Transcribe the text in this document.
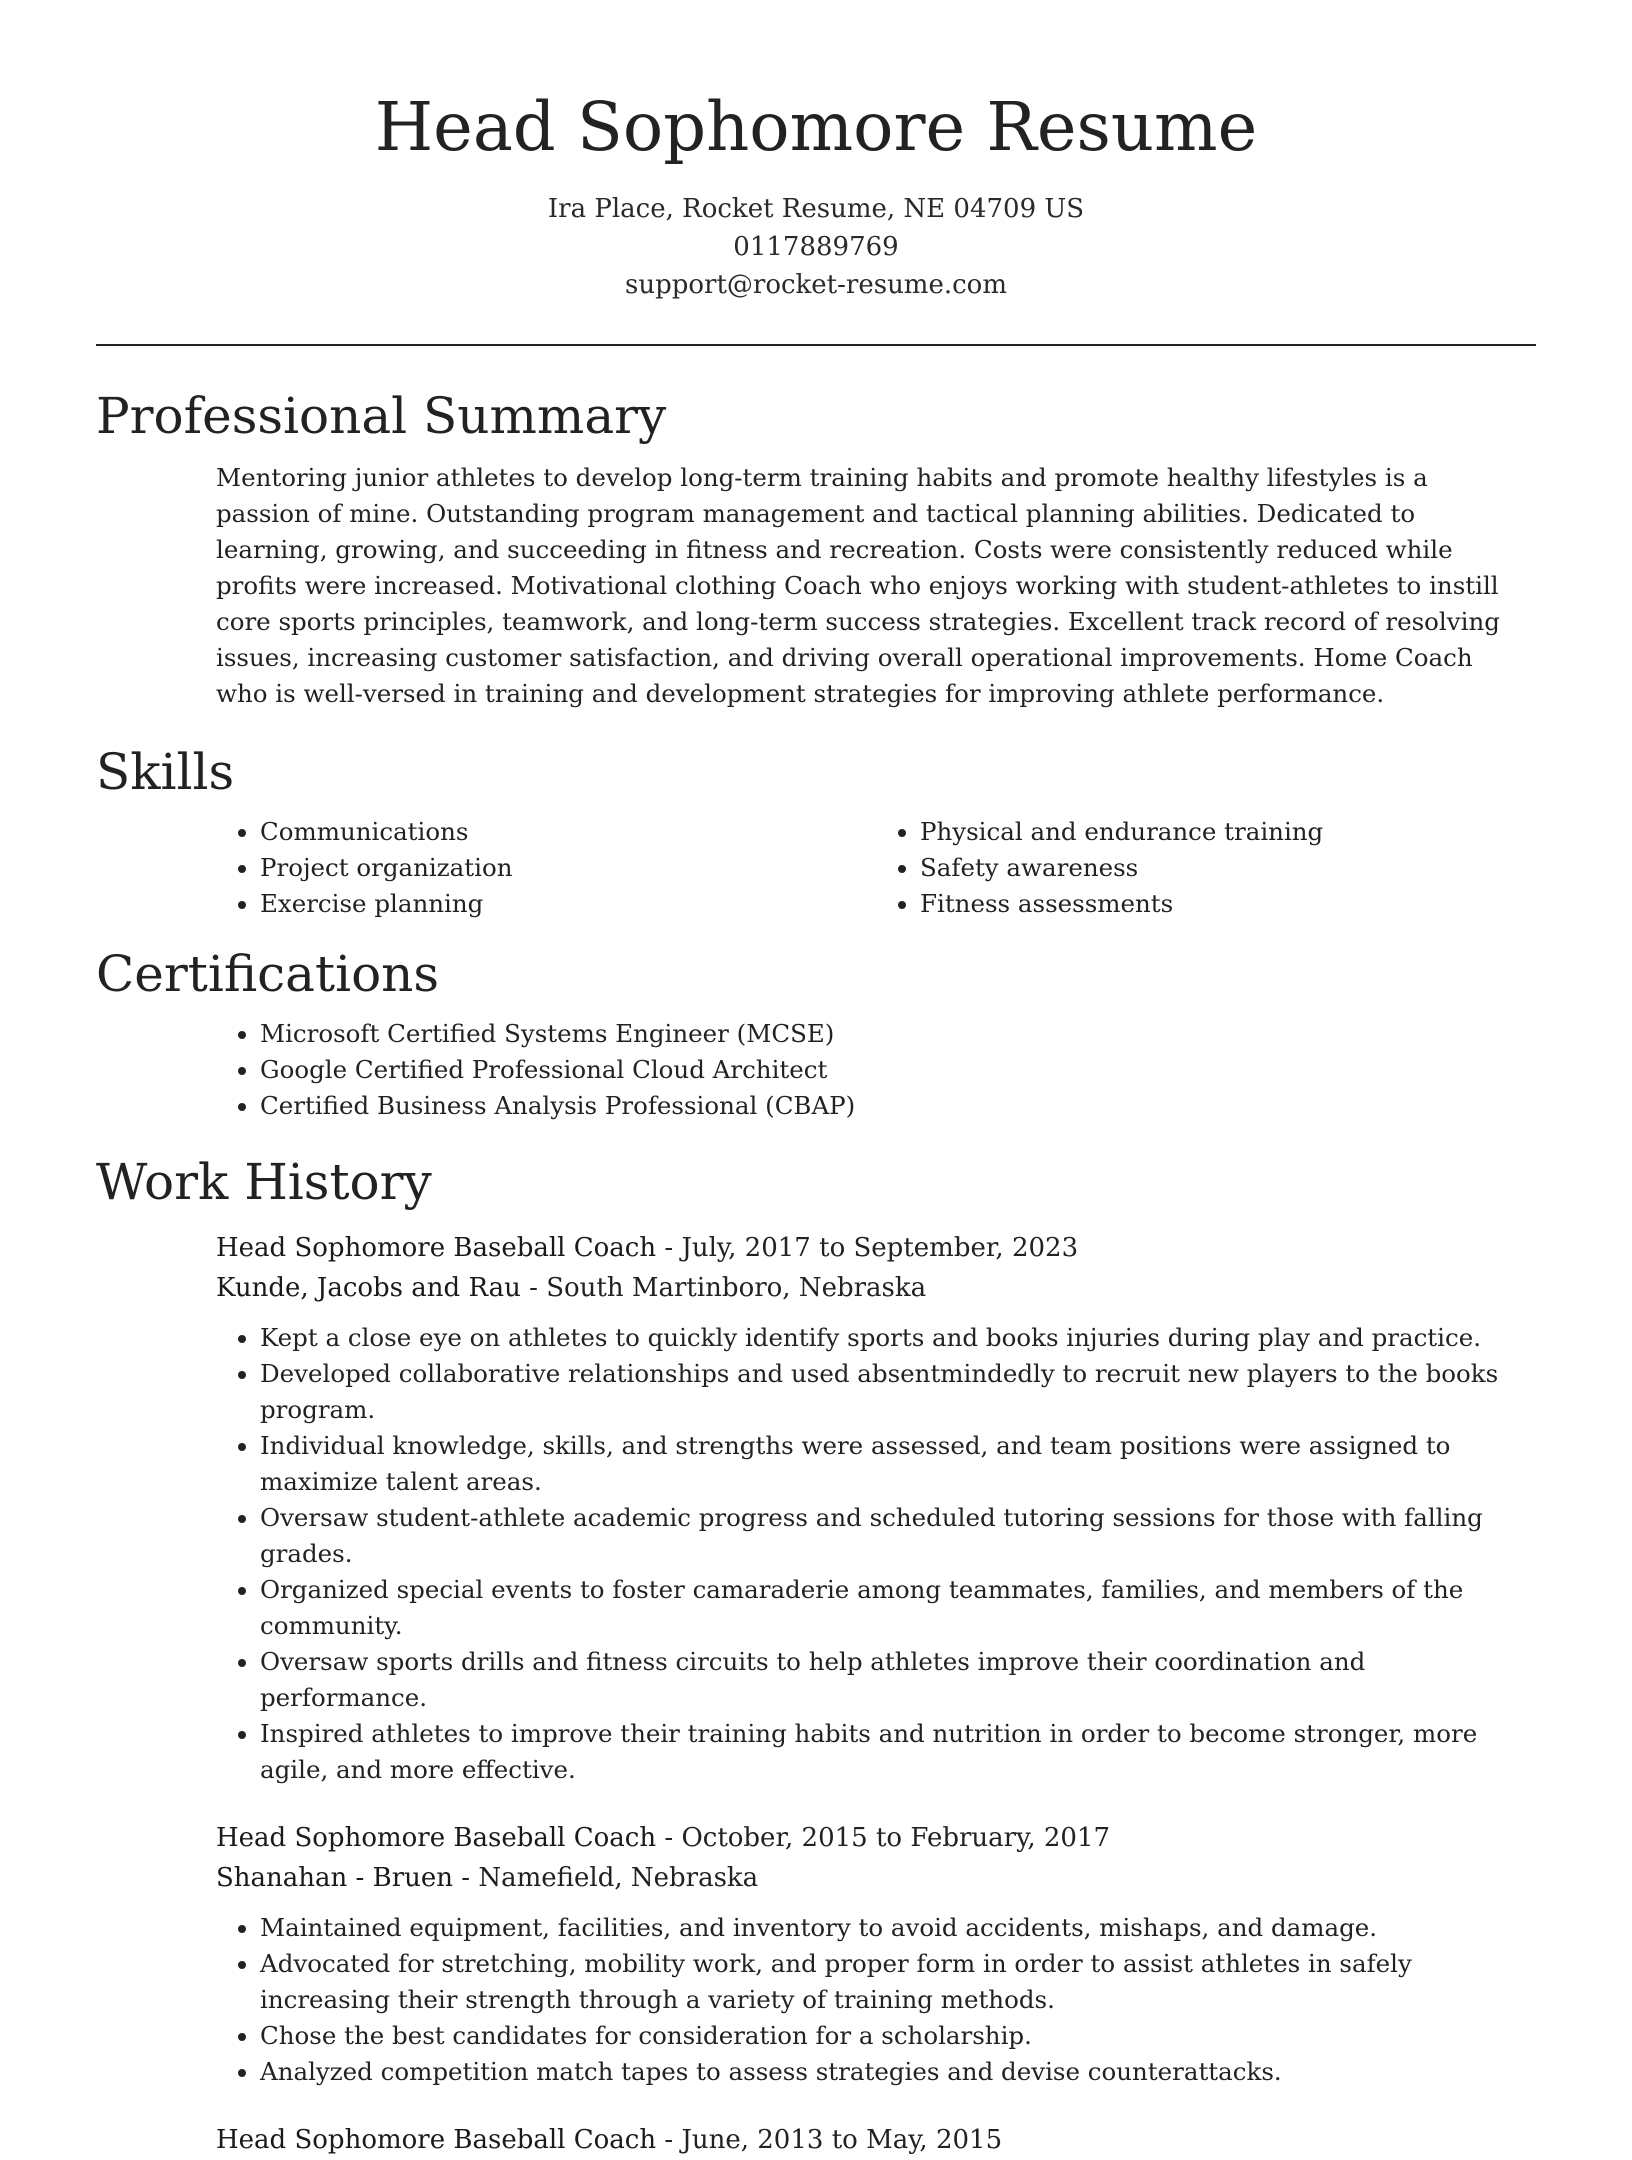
Head Sophomore Resume
Ira Place, Rocket Resume, NE 04709 US
0117889769
support@rocket-resume.com
Professional Summary
Mentoring junior athletes to develop long-term training habits and promote healthy lifestyles is a passion of mine. Outstanding program management and tactical planning abilities. Dedicated to learning, growing, and succeeding in fitness and recreation. Costs were consistently reduced while profits were increased. Motivational clothing Coach who enjoys working with student-athletes to instill core sports principles, teamwork, and long-term success strategies. Excellent track record of resolving issues, increasing customer satisfaction, and driving overall operational improvements. Home Coach who is well-versed in training and development strategies for improving athlete performance.
Skills
• Communications
• Project organization
• Exercise planning
• Physical and endurance training
• Safety awareness
• Fitness assessments
Certifications
• Microsoft Certified Systems Engineer (MCSE)
• Google Certified Professional Cloud Architect
• Certified Business Analysis Professional (CBAP)
Work History
Head Sophomore Baseball Coach - July, 2017 to September, 2023
Kunde, Jacobs and Rau - South Martinboro, Nebraska
• Kept a close eye on athletes to quickly identify sports and books injuries during play and practice.
• Developed collaborative relationships and used absentmindedly to recruit new players to the books program.
• Individual knowledge, skills, and strengths were assessed, and team positions were assigned to maximize talent areas.
• Oversaw student-athlete academic progress and scheduled tutoring sessions for those with falling grades.
• Organized special events to foster camaraderie among teammates, families, and members of the community.
• Oversaw sports drills and fitness circuits to help athletes improve their coordination and performance.
• Inspired athletes to improve their training habits and nutrition in order to become stronger, more agile, and more effective.
Head Sophomore Baseball Coach - October, 2015 to February, 2017
Shanahan - Bruen - Namefield, Nebraska
• Maintained equipment, facilities, and inventory to avoid accidents, mishaps, and damage.
• Advocated for stretching, mobility work, and proper form in order to assist athletes in safely increasing their strength through a variety of training methods.
• Chose the best candidates for consideration for a scholarship.
• Analyzed competition match tapes to assess strategies and devise counterattacks.
Head Sophomore Baseball Coach - June, 2013 to May, 2015
